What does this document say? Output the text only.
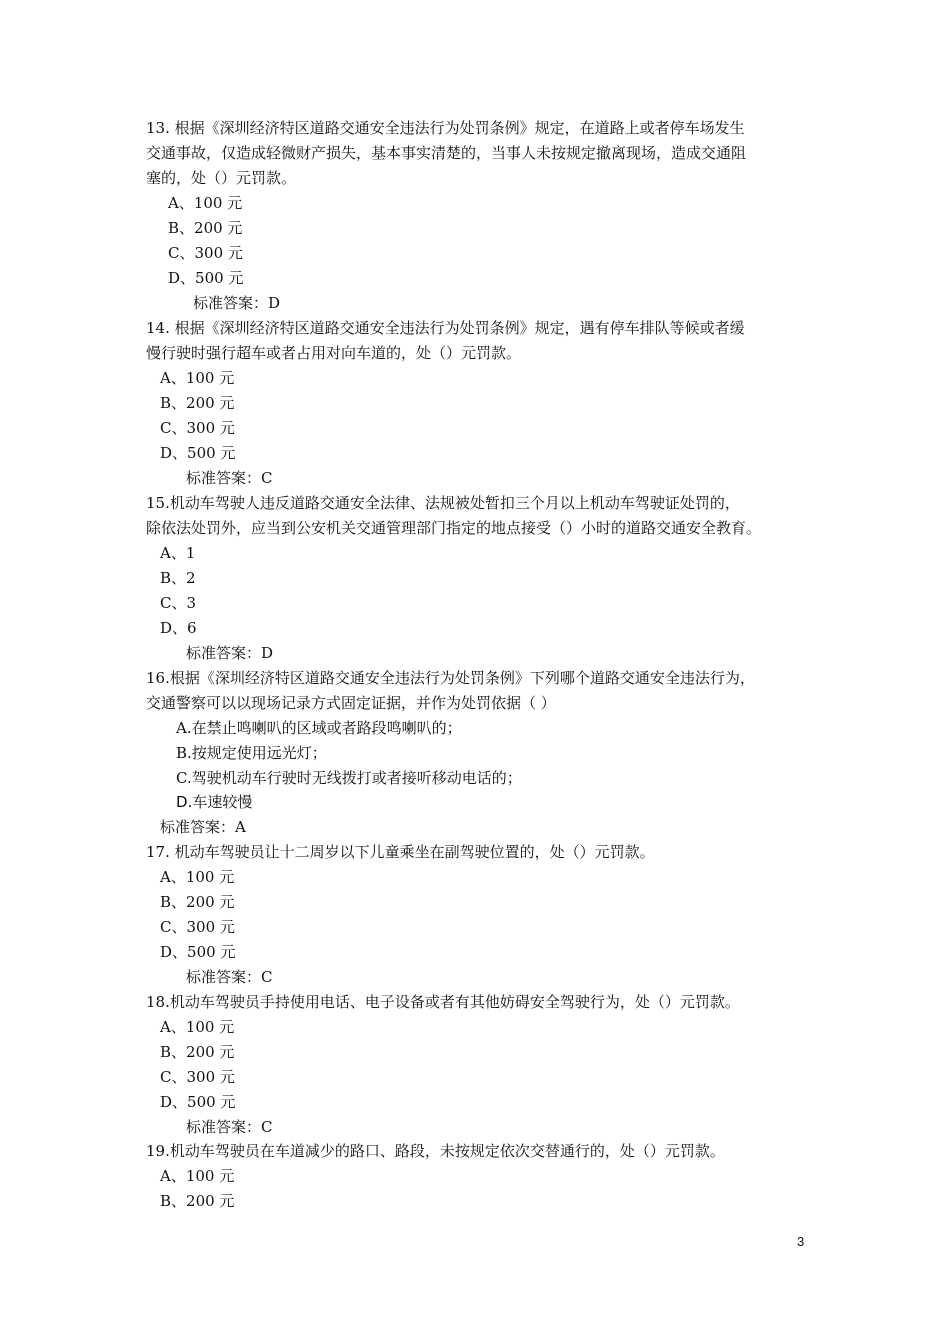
13. 根据《深圳经济特区道路交通安全违法行为处罚条例》规定，在道路上或者停车场发生

交通事故，仅造成轻微财产损失，基本事实清楚的，当事人未按规定撤离现场，造成交通阻

塞的，处（）元罚款。

A、100 元

B、200 元

C、300 元

D、500 元

标准答案：D

14. 根据《深圳经济特区道路交通安全违法行为处罚条例》规定，遇有停车排队等候或者缓

慢行驶时强行超车或者占用对向车道的，处（）元罚款。

A、100 元

B、200 元

C、300 元

D、500 元

标准答案：C

15.机动车驾驶人违反道路交通安全法律、法规被处暂扣三个月以上机动车驾驶证处罚的，

除依法处罚外，应当到公安机关交通管理部门指定的地点接受（）小时的道路交通安全教育。

A、1

B、2

C、3

D、6

标准答案：D

16.根据《深圳经济特区道路交通安全违法行为处罚条例》下列哪个道路交通安全违法行为，

交通警察可以以现场记录方式固定证据，并作为处罚依据（ ）

A.在禁止鸣喇叭的区域或者路段鸣喇叭的；

B.按规定使用远光灯；

C.驾驶机动车行驶时无线拨打或者接听移动电话的；

D.车速较慢

标准答案：A

17. 机动车驾驶员让十二周岁以下儿童乘坐在副驾驶位置的，处（）元罚款。

A、100 元

B、200 元

C、300 元

D、500 元

标准答案：C

18.机动车驾驶员手持使用电话、电子设备或者有其他妨碍安全驾驶行为，处（）元罚款。

A、100 元

B、200 元

C、300 元

D、500 元

标准答案：C

19.机动车驾驶员在车道减少的路口、路段，未按规定依次交替通行的，处（）元罚款。

A、100 元

B、200 元

3
